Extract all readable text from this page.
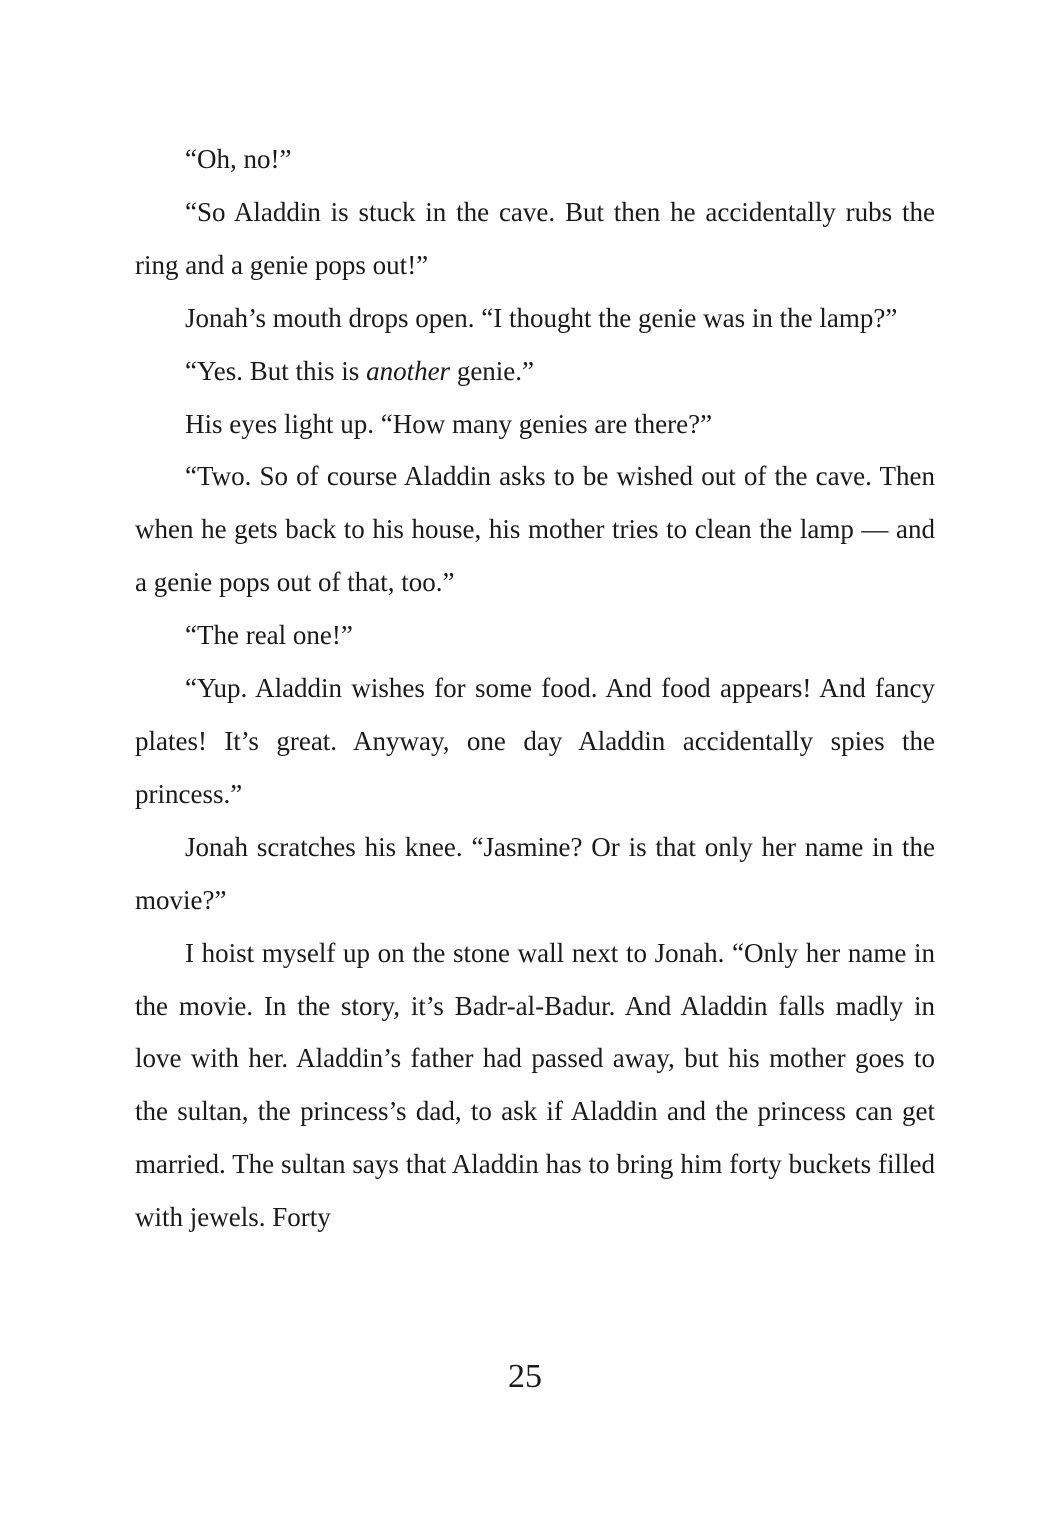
“Oh, no!”

“So Aladdin is stuck in the cave. But then he accidentally rubs the ring and a genie pops out!”

Jonah’s mouth drops open. “I thought the genie was in the lamp?”

“Yes. But this is another genie.”

His eyes light up. “How many genies are there?”

“Two. So of course Aladdin asks to be wished out of the cave. Then when he gets back to his house, his mother tries to clean the lamp — and a genie pops out of that, too.”

“The real one!”

“Yup. Aladdin wishes for some food. And food appears! And fancy plates! It’s great. Anyway, one day Aladdin accidentally spies the princess.”

Jonah scratches his knee. “Jasmine? Or is that only her name in the movie?”

I hoist myself up on the stone wall next to Jonah. “Only her name in the movie. In the story, it’s Badr-al-Badur. And Aladdin falls madly in love with her. Aladdin’s father had passed away, but his mother goes to the sultan, the princess’s dad, to ask if Aladdin and the princess can get married. The sultan says that Aladdin has to bring him forty buckets filled with jewels. Forty

25
